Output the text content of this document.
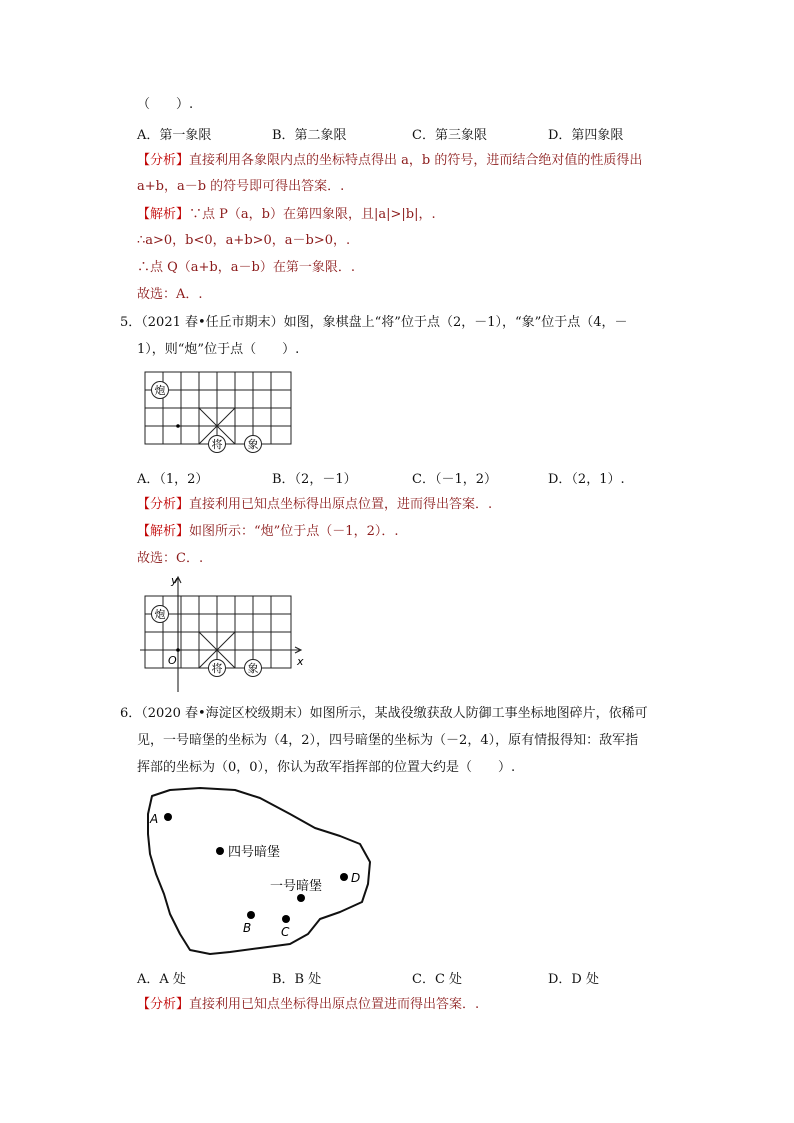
（　　）.
A．第一象限	B．第二象限	C．第三象限	D．第四象限
【分析】直接利用各象限内点的坐标特点得出 a，b 的符号，进而结合绝对值的性质得出
a+b，a－b 的符号即可得出答案．.
【解析】∵点 P（a，b）在第四象限，且|a|>|b|，.
∴a>0，b<0，a+b>0，a－b>0，.
∴点 Q（a+b，a－b）在第一象限．.
故选：A．.
5．（2021 春•任丘市期末）如图，象棋盘上“将”位于点（2，－1），“象”位于点（4，－
1），则“炮”位于点（　　）.
炮
将 象
A．（1，2）	B．（2，－1）	C．（－1，2）	D．（2，1）.
【分析】直接利用已知点坐标得出原点位置，进而得出答案．.
【解析】如图所示：“炮”位于点（－1，2）．.
故选：C．.
y
x
O
炮
将 象
6．（2020 春•海淀区校级期末）如图所示，某战役缴获敌人防御工事坐标地图碎片，依稀可
见，一号暗堡的坐标为（4，2），四号暗堡的坐标为（－2，4），原有情报得知：敌军指
挥部的坐标为（0，0），你认为敌军指挥部的位置大约是（　　）.
A
四号暗堡
一号暗堡
D
B C
A．A 处	B．B 处	C．C 处	D．D 处
【分析】直接利用已知点坐标得出原点位置进而得出答案．.
